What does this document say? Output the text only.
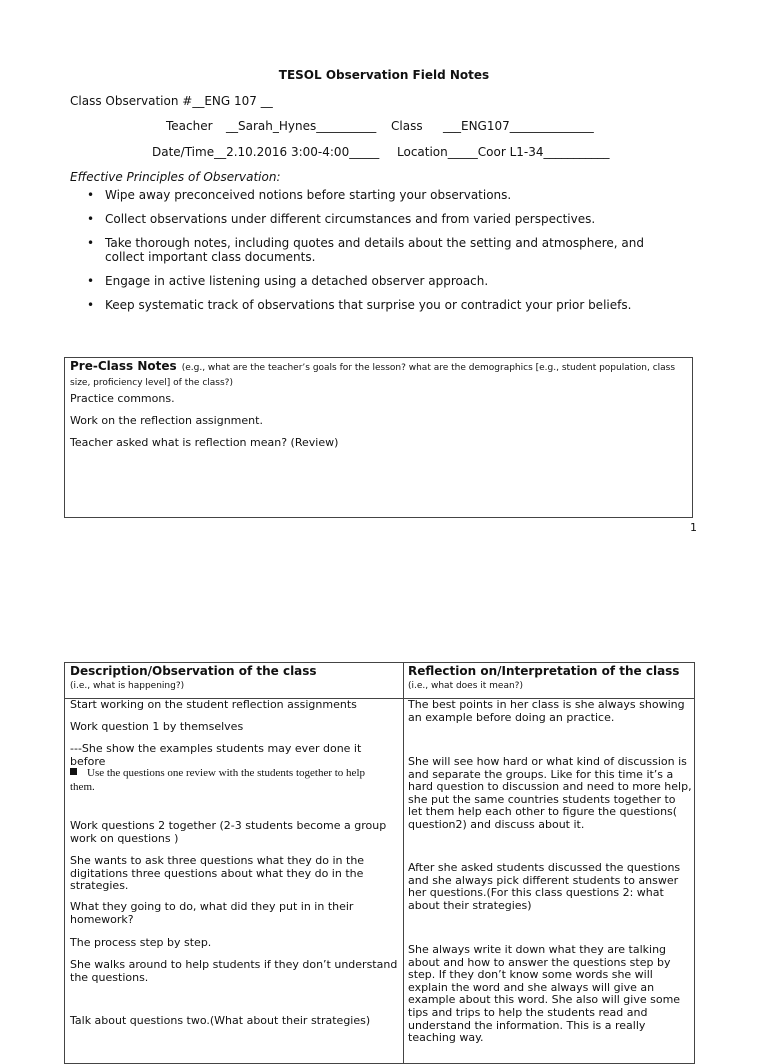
TESOL Observation Field Notes
Class Observation #__ENG 107 __
Teacher __Sarah_Hynes__________ Class ___ENG107______________
Date/Time__2.10.2016 3:00-4:00_____ Location_____Coor L1-34___________
Effective Principles of Observation:
• Wipe away preconceived notions before starting your observations.
• Collect observations under different circumstances and from varied perspectives.
• Take thorough notes, including quotes and details about the setting and atmosphere, and collect important class documents.
• Engage in active listening using a detached observer approach.
• Keep systematic track of observations that surprise you or contradict your prior beliefs.
Pre-Class Notes (e.g., what are the teacher’s goals for the lesson? what are the demographics [e.g., student population, class size, proficiency level] of the class?)
Practice commons.
Work on the reflection assignment.
Teacher asked what is reflection mean? (Review)
1
Description/Observation of the class
(i.e., what is happening?)
Reflection on/Interpretation of the class
(i.e., what does it mean?)
Start working on the student reflection assignments
Work question 1 by themselves
---She show the examples students may ever done it before
Use the questions one review with the students together to help them.
Work questions 2 together (2-3 students become a group work on questions )
She wants to ask three questions what they do in the digitations three questions about what they do in the strategies.
What they going to do, what did they put in in their homework?
The process step by step.
She walks around to help students if they don’t understand the questions.
Talk about questions two.(What about their strategies)
The best points in her class is she always showing an example before doing an practice.
She will see how hard or what kind of discussion is and separate the groups. Like for this time it’s a hard question to discussion and need to more help, she put the same countries students together to let them help each other to figure the questions( question2) and discuss about it.
After she asked students discussed the questions and she always pick different students to answer her questions.(For this class questions 2: what about their strategies)
She always write it down what they are talking about and how to answer the questions step by step. If they don’t know some words she will explain the word and she always will give an example about this word. She also will give some tips and trips to help the students read and understand the information. This is a really teaching way.
